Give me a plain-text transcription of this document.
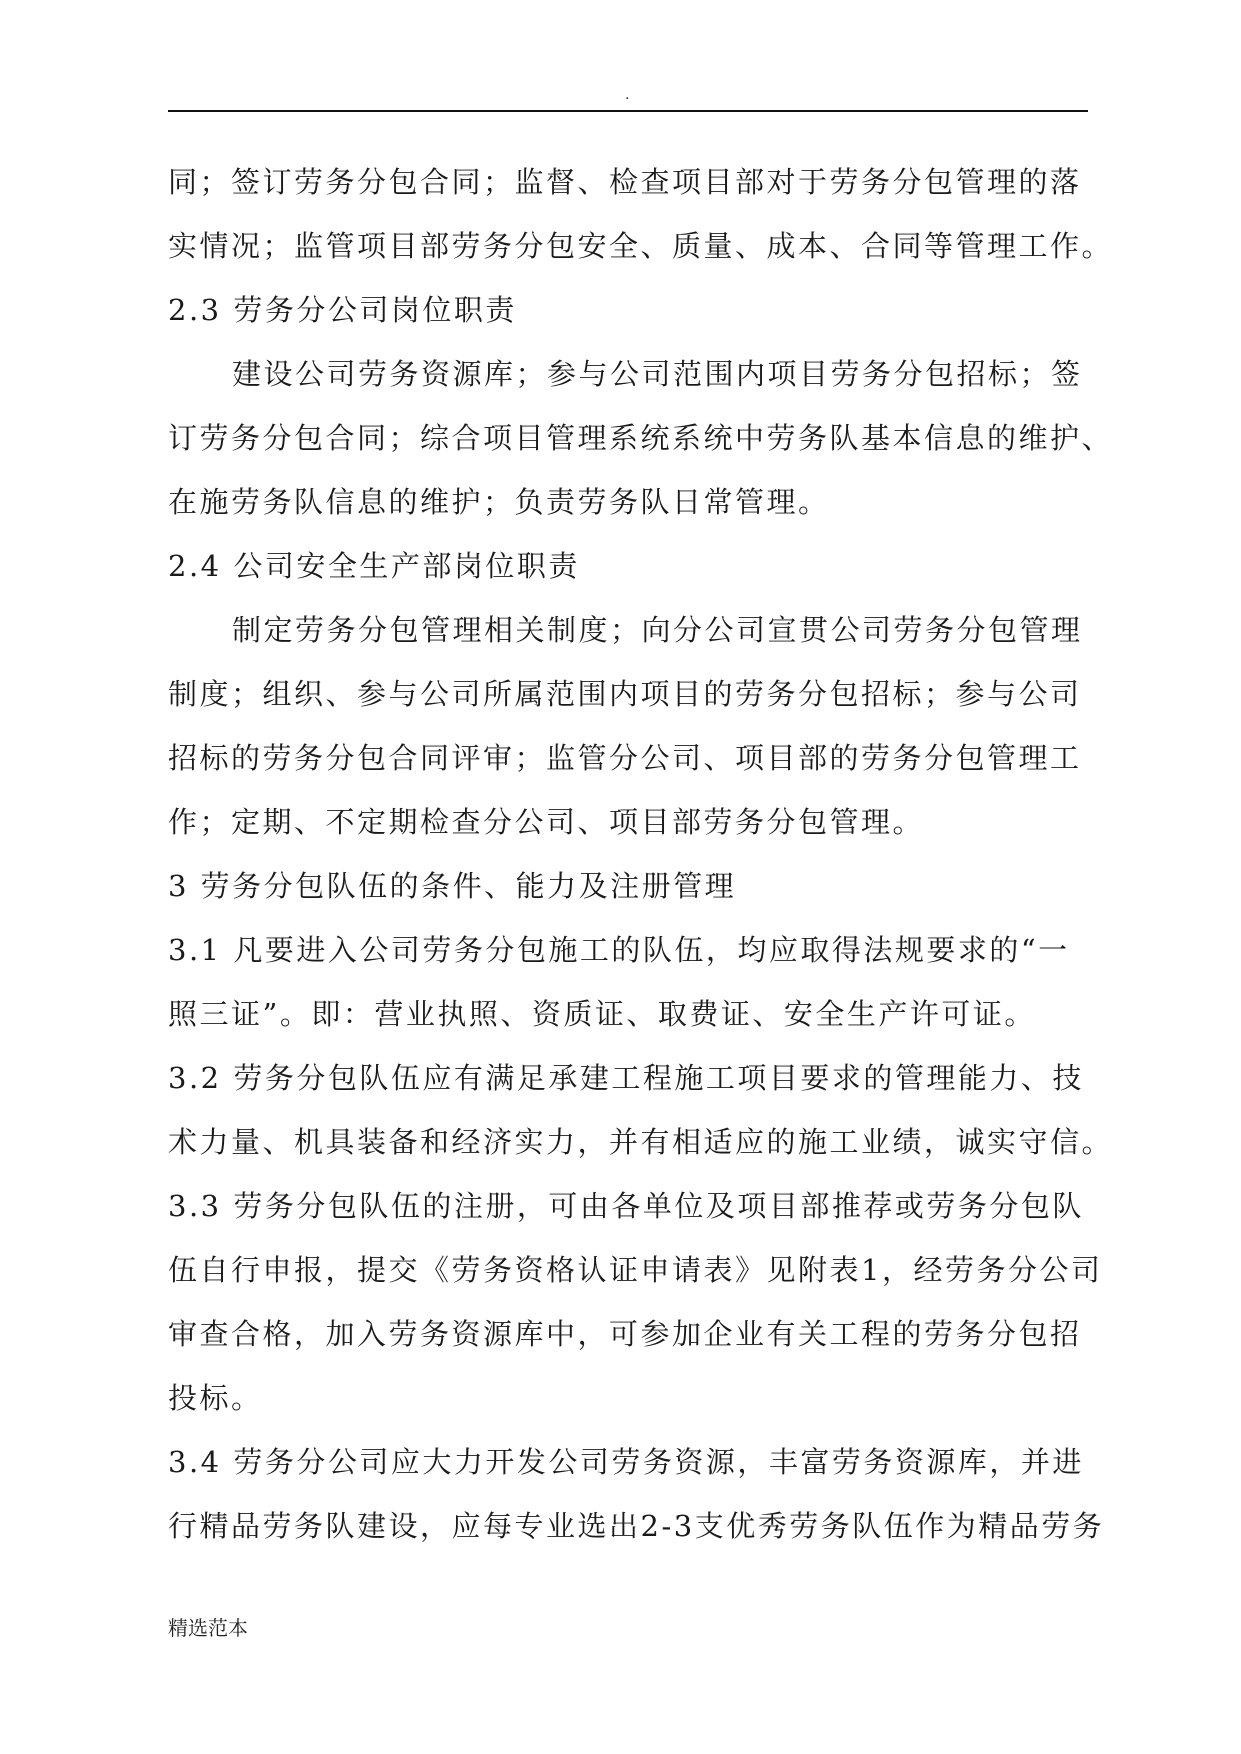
.
同；签订劳务分包合同；监督、检查项目部对于劳务分包管理的落
实情况；监管项目部劳务分包安全、质量、成本、合同等管理工作。
2.3 劳务分公司岗位职责
建设公司劳务资源库；参与公司范围内项目劳务分包招标；签
订劳务分包合同；综合项目管理系统系统中劳务队基本信息的维护、
在施劳务队信息的维护；负责劳务队日常管理。
2.4 公司安全生产部岗位职责
制定劳务分包管理相关制度；向分公司宣贯公司劳务分包管理
制度；组织、参与公司所属范围内项目的劳务分包招标；参与公司
招标的劳务分包合同评审；监管分公司、项目部的劳务分包管理工
作；定期、不定期检查分公司、项目部劳务分包管理。
3 劳务分包队伍的条件、能力及注册管理
3.1 凡要进入公司劳务分包施工的队伍，均应取得法规要求的“一
照三证”。即：营业执照、资质证、取费证、安全生产许可证。
3.2 劳务分包队伍应有满足承建工程施工项目要求的管理能力、技
术力量、机具装备和经济实力，并有相适应的施工业绩，诚实守信。
3.3 劳务分包队伍的注册，可由各单位及项目部推荐或劳务分包队
伍自行申报，提交《劳务资格认证申请表》见附表1，经劳务分公司
审查合格，加入劳务资源库中，可参加企业有关工程的劳务分包招
投标。
3.4 劳务分公司应大力开发公司劳务资源，丰富劳务资源库，并进
行精品劳务队建设，应每专业选出2-3支优秀劳务队伍作为精品劳务
精选范本
